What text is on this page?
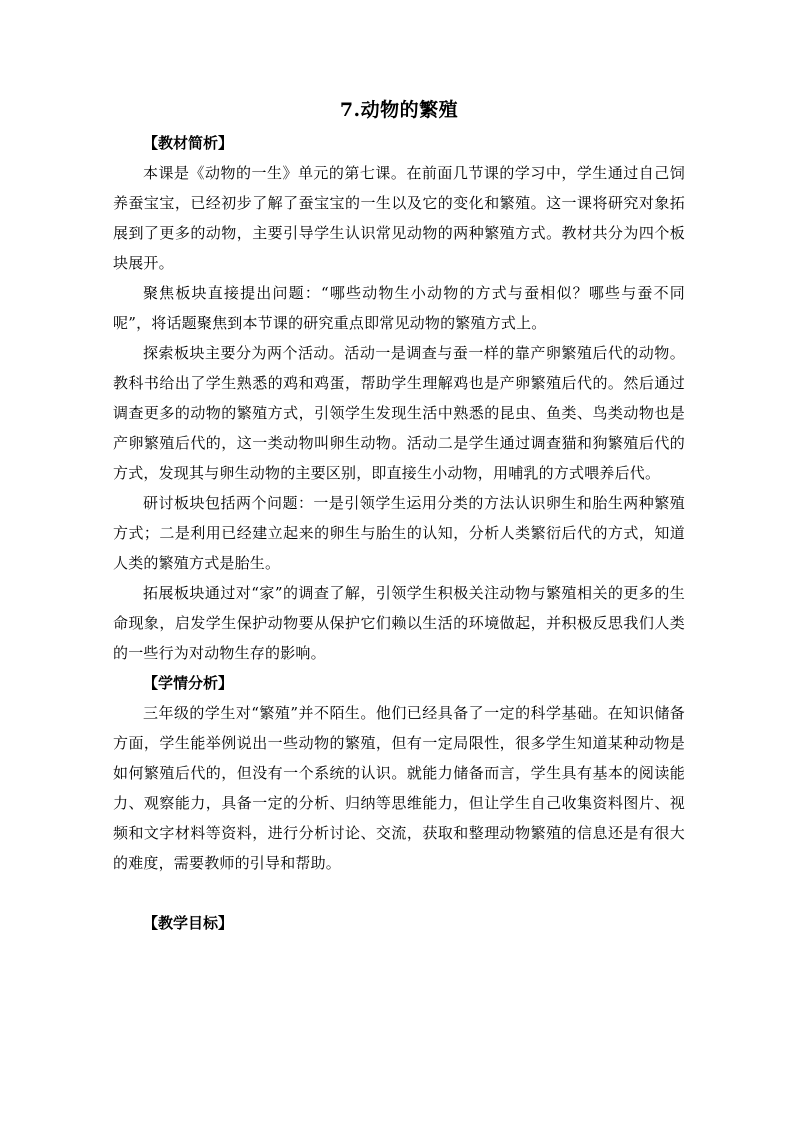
7.动物的繁殖

【教材简析】

本课是《动物的一生》单元的第七课。在前面几节课的学习中，学生通过自己饲养蚕宝宝，已经初步了解了蚕宝宝的一生以及它的变化和繁殖。这一课将研究对象拓展到了更多的动物，主要引导学生认识常见动物的两种繁殖方式。教材共分为四个板块展开。

聚焦板块直接提出问题：“哪些动物生小动物的方式与蚕相似？哪些与蚕不同呢”，将话题聚焦到本节课的研究重点即常见动物的繁殖方式上。

探索板块主要分为两个活动。活动一是调查与蚕一样的靠产卵繁殖后代的动物。教科书给出了学生熟悉的鸡和鸡蛋，帮助学生理解鸡也是产卵繁殖后代的。然后通过调查更多的动物的繁殖方式，引领学生发现生活中熟悉的昆虫、鱼类、鸟类动物也是产卵繁殖后代的，这一类动物叫卵生动物。活动二是学生通过调查猫和狗繁殖后代的方式，发现其与卵生动物的主要区别，即直接生小动物，用哺乳的方式喂养后代。

研讨板块包括两个问题：一是引领学生运用分类的方法认识卵生和胎生两种繁殖方式；二是利用已经建立起来的卵生与胎生的认知，分析人类繁衍后代的方式，知道人类的繁殖方式是胎生。

拓展板块通过对“家”的调查了解，引领学生积极关注动物与繁殖相关的更多的生命现象，启发学生保护动物要从保护它们赖以生活的环境做起，并积极反思我们人类的一些行为对动物生存的影响。

【学情分析】

三年级的学生对“繁殖”并不陌生。他们已经具备了一定的科学基础。在知识储备方面，学生能举例说出一些动物的繁殖，但有一定局限性，很多学生知道某种动物是如何繁殖后代的，但没有一个系统的认识。就能力储备而言，学生具有基本的阅读能力、观察能力，具备一定的分析、归纳等思维能力，但让学生自己收集资料图片、视频和文字材料等资料，进行分析讨论、交流，获取和整理动物繁殖的信息还是有很大的难度，需要教师的引导和帮助。

【教学目标】
